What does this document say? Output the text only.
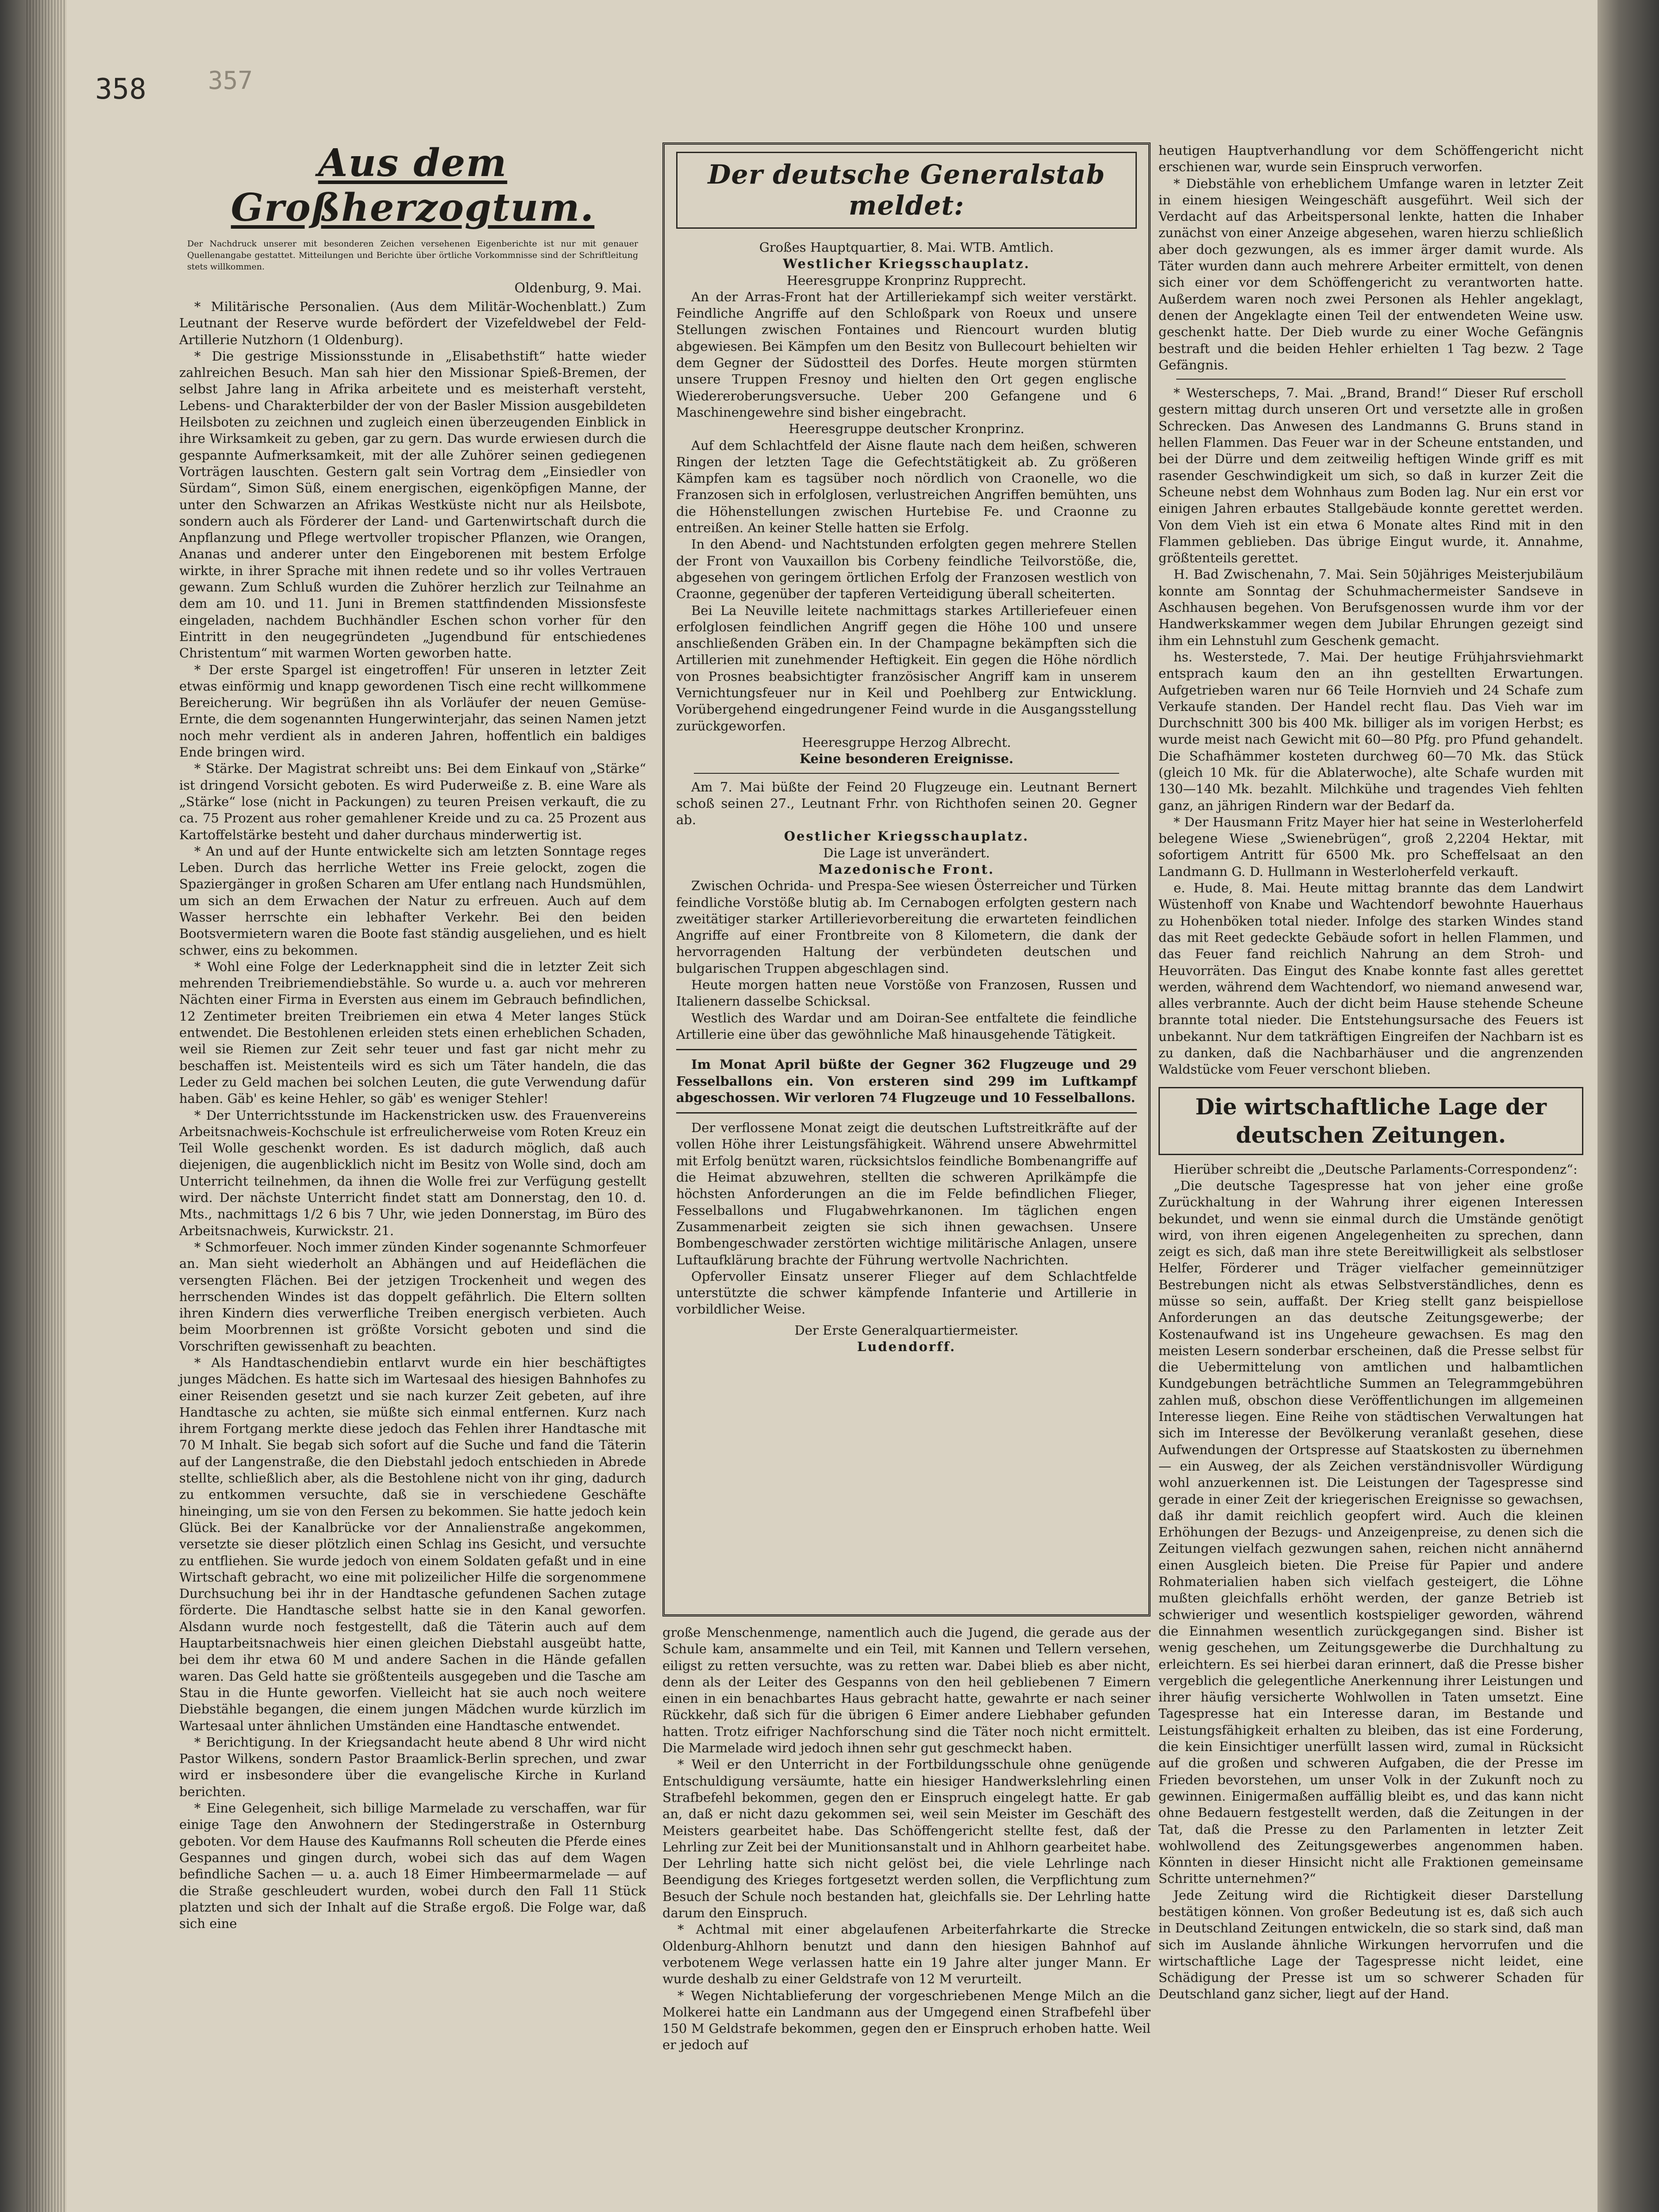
358 357
Aus dem Großherzogtum.
Der Nachdruck unserer mit besonderen Zeichen versehenen Eigenberichte ist nur mit genauer Quellenangabe gestattet. Mitteilungen und Berichte über örtliche Vorkommnisse sind der Schriftleitung stets willkommen.
Oldenburg, 9. Mai.

* Militärische Personalien. (Aus dem Militär-Wochenblatt.) Zum Leutnant der Reserve wurde befördert der Vizefeldwebel der Feld-Artillerie Nutzhorn (1 Oldenburg).

* Die gestrige Missionsstunde in „Elisabethstift“ hatte wieder zahlreichen Besuch. Man sah hier den Missionar Spieß-Bremen, der selbst Jahre lang in Afrika arbeitete und es meisterhaft versteht, Lebens- und Charakterbilder der von der Basler Mission ausgebildeten Heilsboten zu zeichnen und zugleich einen überzeugenden Einblick in ihre Wirksamkeit zu geben, gar zu gern. Das wurde erwiesen durch die gespannte Aufmerksamkeit, mit der alle Zuhörer seinen gediegenen Vorträgen lauschten. Gestern galt sein Vortrag dem „Einsiedler von Sürdam“, Simon Süß, einem energischen, eigenköpfigen Manne, der unter den Schwarzen an Afrikas Westküste nicht nur als Heilsbote, sondern auch als Förderer der Land- und Gartenwirtschaft durch die Anpflanzung und Pflege wertvoller tropischer Pflanzen, wie Orangen, Ananas und anderer unter den Eingeborenen mit bestem Erfolge wirkte, in ihrer Sprache mit ihnen redete und so ihr volles Vertrauen gewann. Zum Schluß wurden die Zuhörer herzlich zur Teilnahme an dem am 10. und 11. Juni in Bremen stattfindenden Missionsfeste eingeladen, nachdem Buchhändler Eschen schon vorher für den Eintritt in den neugegründeten „Jugendbund für entschiedenes Christentum“ mit warmen Worten geworben hatte.

* Der erste Spargel ist eingetroffen! Für unseren in letzter Zeit etwas einförmig und knapp gewordenen Tisch eine recht willkommene Bereicherung. Wir begrüßen ihn als Vorläufer der neuen Gemüse-Ernte, die dem sogenannten Hungerwinterjahr, das seinen Namen jetzt noch mehr verdient als in anderen Jahren, hoffentlich ein baldiges Ende bringen wird.

* Stärke. Der Magistrat schreibt uns: Bei dem Einkauf von „Stärke“ ist dringend Vorsicht geboten. Es wird Puderweiße z. B. eine Ware als „Stärke“ lose (nicht in Packungen) zu teuren Preisen verkauft, die zu ca. 75 Prozent aus roher gemahlener Kreide und zu ca. 25 Prozent aus Kartoffelstärke besteht und daher durchaus minderwertig ist.

* An und auf der Hunte entwickelte sich am letzten Sonntage reges Leben. Durch das herrliche Wetter ins Freie gelockt, zogen die Spaziergänger in großen Scharen am Ufer entlang nach Hundsmühlen, um sich an dem Erwachen der Natur zu erfreuen. Auch auf dem Wasser herrschte ein lebhafter Verkehr. Bei den beiden Bootsvermietern waren die Boote fast ständig ausgeliehen, und es hielt schwer, eins zu bekommen.

* Wohl eine Folge der Lederknappheit sind die in letzter Zeit sich mehrenden Treibriemendiebstähle. So wurde u. a. auch vor mehreren Nächten einer Firma in Eversten aus einem im Gebrauch befindlichen, 12 Zentimeter breiten Treibriemen ein etwa 4 Meter langes Stück entwendet. Die Bestohlenen erleiden stets einen erheblichen Schaden, weil sie Riemen zur Zeit sehr teuer und fast gar nicht mehr zu beschaffen ist. Meistenteils wird es sich um Täter handeln, die das Leder zu Geld machen bei solchen Leuten, die gute Verwendung dafür haben. Gäb' es keine Hehler, so gäb' es weniger Stehler!

* Der Unterrichtsstunde im Hackenstricken usw. des Frauenvereins Arbeitsnachweis-Kochschule ist erfreulicherweise vom Roten Kreuz ein Teil Wolle geschenkt worden. Es ist dadurch möglich, daß auch diejenigen, die augenblicklich nicht im Besitz von Wolle sind, doch am Unterricht teilnehmen, da ihnen die Wolle frei zur Verfügung gestellt wird. Der nächste Unterricht findet statt am Donnerstag, den 10. d. Mts., nachmittags 1/2 6 bis 7 Uhr, wie jeden Donnerstag, im Büro des Arbeitsnachweis, Kurwickstr. 21.

* Schmorfeuer. Noch immer zünden Kinder sogenannte Schmorfeuer an. Man sieht wiederholt an Abhängen und auf Heideflächen die versengten Flächen. Bei der jetzigen Trockenheit und wegen des herrschenden Windes ist das doppelt gefährlich. Die Eltern sollten ihren Kindern dies verwerfliche Treiben energisch verbieten. Auch beim Moorbrennen ist größte Vorsicht geboten und sind die Vorschriften gewissenhaft zu beachten.

* Als Handtaschendiebin entlarvt wurde ein hier beschäftigtes junges Mädchen. Es hatte sich im Wartesaal des hiesigen Bahnhofes zu einer Reisenden gesetzt und sie nach kurzer Zeit gebeten, auf ihre Handtasche zu achten, sie müßte sich einmal entfernen. Kurz nach ihrem Fortgang merkte diese jedoch das Fehlen ihrer Handtasche mit 70 M Inhalt. Sie begab sich sofort auf die Suche und fand die Täterin auf der Langenstraße, die den Diebstahl jedoch entschieden in Abrede stellte, schließlich aber, als die Bestohlene nicht von ihr ging, dadurch zu entkommen versuchte, daß sie in verschiedene Geschäfte hineinging, um sie von den Fersen zu bekommen. Sie hatte jedoch kein Glück. Bei der Kanalbrücke vor der Annalienstraße angekommen, versetzte sie dieser plötzlich einen Schlag ins Gesicht, und versuchte zu entfliehen. Sie wurde jedoch von einem Soldaten gefaßt und in eine Wirtschaft gebracht, wo eine mit polizeilicher Hilfe die sorgenommene Durchsuchung bei ihr in der Handtasche gefundenen Sachen zutage förderte. Die Handtasche selbst hatte sie in den Kanal geworfen. Alsdann wurde noch festgestellt, daß die Täterin auch auf dem Hauptarbeitsnachweis hier einen gleichen Diebstahl ausgeübt hatte, bei dem ihr etwa 60 M und andere Sachen in die Hände gefallen waren. Das Geld hatte sie größtenteils ausgegeben und die Tasche am Stau in die Hunte geworfen. Vielleicht hat sie auch noch weitere Diebstähle begangen, die einem jungen Mädchen wurde kürzlich im Wartesaal unter ähnlichen Umständen eine Handtasche entwendet.

* Berichtigung. In der Kriegsandacht heute abend 8 Uhr wird nicht Pastor Wilkens, sondern Pastor Braamlick-Berlin sprechen, und zwar wird er insbesondere über die evangelische Kirche in Kurland berichten.

* Eine Gelegenheit, sich billige Marmelade zu verschaffen, war für einige Tage den Anwohnern der Stedingerstraße in Osternburg geboten. Vor dem Hause des Kaufmanns Roll scheuten die Pferde eines Gespannes und gingen durch, wobei sich das auf dem Wagen befindliche Sachen — u. a. auch 18 Eimer Himbeermarmelade — auf die Straße geschleudert wurden, wobei durch den Fall 11 Stück platzten und sich der Inhalt auf die Straße ergoß. Die Folge war, daß sich eine

Der deutsche Generalstab meldet:
Großes Hauptquartier, 8. Mai. WTB. Amtlich.
Westlicher Kriegsschauplatz.
Heeresgruppe Kronprinz Rupprecht.

An der Arras-Front hat der Artilleriekampf sich weiter verstärkt. Feindliche Angriffe auf den Schloßpark von Roeux und unsere Stellungen zwischen Fontaines und Riencourt wurden blutig abgewiesen. Bei Kämpfen um den Besitz von Bullecourt behielten wir dem Gegner der Südostteil des Dorfes. Heute morgen stürmten unsere Truppen Fresnoy und hielten den Ort gegen englische Wiedereroberungsversuche. Ueber 200 Gefangene und 6 Maschinengewehre sind bisher eingebracht.

Heeresgruppe deutscher Kronprinz.

Auf dem Schlachtfeld der Aisne flaute nach dem heißen, schweren Ringen der letzten Tage die Gefechtstätigkeit ab. Zu größeren Kämpfen kam es tagsüber noch nördlich von Craonelle, wo die Franzosen sich in erfolglosen, verlustreichen Angriffen bemühten, uns die Höhenstellungen zwischen Hurtebise Fe. und Craonne zu entreißen. An keiner Stelle hatten sie Erfolg.

In den Abend- und Nachtstunden erfolgten gegen mehrere Stellen der Front von Vauxaillon bis Corbeny feindliche Teilvorstöße, die, abgesehen von geringem örtlichen Erfolg der Franzosen westlich von Craonne, gegenüber der tapferen Verteidigung überall scheiterten.

Bei La Neuville leitete nachmittags starkes Artilleriefeuer einen erfolglosen feindlichen Angriff gegen die Höhe 100 und unsere anschließenden Gräben ein. In der Champagne bekämpften sich die Artillerien mit zunehmender Heftigkeit. Ein gegen die Höhe nördlich von Prosnes beabsichtigter französischer Angriff kam in unserem Vernichtungsfeuer nur in Keil und Poehlberg zur Entwicklung. Vorübergehend eingedrungener Feind wurde in die Ausgangsstellung zurückgeworfen.

Heeresgruppe Herzog Albrecht.
Keine besonderen Ereignisse.

Am 7. Mai büßte der Feind 20 Flugzeuge ein. Leutnant Bernert schoß seinen 27., Leutnant Frhr. von Richthofen seinen 20. Gegner ab.

Oestlicher Kriegsschauplatz.
Die Lage ist unverändert.
Mazedonische Front.

Zwischen Ochrida- und Prespa-See wiesen Österreicher und Türken feindliche Vorstöße blutig ab. Im Cernabogen erfolgten gestern nach zweitätiger starker Artillerievorbereitung die erwarteten feindlichen Angriffe auf einer Frontbreite von 8 Kilometern, die dank der hervorragenden Haltung der verbündeten deutschen und bulgarischen Truppen abgeschlagen sind.

Heute morgen hatten neue Vorstöße von Franzosen, Russen und Italienern dasselbe Schicksal.

Westlich des Wardar und am Doiran-See entfaltete die feindliche Artillerie eine über das gewöhnliche Maß hinausgehende Tätigkeit.

Im Monat April büßte der Gegner 362 Flugzeuge und 29 Fesselballons ein. Von ersteren sind 299 im Luftkampf abgeschossen. Wir verloren 74 Flugzeuge und 10 Fesselballons.

Der verflossene Monat zeigt die deutschen Luftstreitkräfte auf der vollen Höhe ihrer Leistungsfähigkeit. Während unsere Abwehrmittel mit Erfolg benützt waren, rücksichtslos feindliche Bombenangriffe auf die Heimat abzuwehren, stellten die schweren Aprilkämpfe die höchsten Anforderungen an die im Felde befindlichen Flieger, Fesselballons und Flugabwehrkanonen. Im täglichen engen Zusammenarbeit zeigten sie sich ihnen gewachsen. Unsere Bombengeschwader zerstörten wichtige militärische Anlagen, unsere Luftaufklärung brachte der Führung wertvolle Nachrichten.

Opfervoller Einsatz unserer Flieger auf dem Schlachtfelde unterstützte die schwer kämpfende Infanterie und Artillerie in vorbildlicher Weise.

Der Erste Generalquartiermeister.
Ludendorff.

große Menschenmenge, namentlich auch die Jugend, die gerade aus der Schule kam, ansammelte und ein Teil, mit Kannen und Tellern versehen, eiligst zu retten versuchte, was zu retten war. Dabei blieb es aber nicht, denn als der Leiter des Gespanns von den heil gebliebenen 7 Eimern einen in ein benachbartes Haus gebracht hatte, gewahrte er nach seiner Rückkehr, daß sich für die übrigen 6 Eimer andere Liebhaber gefunden hatten. Trotz eifriger Nachforschung sind die Täter noch nicht ermittelt. Die Marmelade wird jedoch ihnen sehr gut geschmeckt haben.

* Weil er den Unterricht in der Fortbildungsschule ohne genügende Entschuldigung versäumte, hatte ein hiesiger Handwerkslehrling einen Strafbefehl bekommen, gegen den er Einspruch eingelegt hatte. Er gab an, daß er nicht dazu gekommen sei, weil sein Meister im Geschäft des Meisters gearbeitet habe. Das Schöffengericht stellte fest, daß der Lehrling zur Zeit bei der Munitionsanstalt und in Ahlhorn gearbeitet habe. Der Lehrling hatte sich nicht gelöst bei, die viele Lehrlinge nach Beendigung des Krieges fortgesetzt werden sollen, die Verpflichtung zum Besuch der Schule noch bestanden hat, gleichfalls sie. Der Lehrling hatte darum den Einspruch.

* Achtmal mit einer abgelaufenen Arbeiterfahrkarte die Strecke Oldenburg-Ahlhorn benutzt und dann den hiesigen Bahnhof auf verbotenem Wege verlassen hatte ein 19 Jahre alter junger Mann. Er wurde deshalb zu einer Geldstrafe von 12 M verurteilt.

* Wegen Nichtablieferung der vorgeschriebenen Menge Milch an die Molkerei hatte ein Landmann aus der Umgegend einen Strafbefehl über 150 M Geldstrafe bekommen, gegen den er Einspruch erhoben hatte. Weil er jedoch auf

heutigen Hauptverhandlung vor dem Schöffengericht nicht erschienen war, wurde sein Einspruch verworfen.

* Diebstähle von erheblichem Umfange waren in letzter Zeit in einem hiesigen Weingeschäft ausgeführt. Weil sich der Verdacht auf das Arbeitspersonal lenkte, hatten die Inhaber zunächst von einer Anzeige abgesehen, waren hierzu schließlich aber doch gezwungen, als es immer ärger damit wurde. Als Täter wurden dann auch mehrere Arbeiter ermittelt, von denen sich einer vor dem Schöffengericht zu verantworten hatte. Außerdem waren noch zwei Personen als Hehler angeklagt, denen der Angeklagte einen Teil der entwendeten Weine usw. geschenkt hatte. Der Dieb wurde zu einer Woche Gefängnis bestraft und die beiden Hehler erhielten 1 Tag bezw. 2 Tage Gefängnis.

* Westerscheps, 7. Mai. „Brand, Brand!“ Dieser Ruf erscholl gestern mittag durch unseren Ort und versetzte alle in großen Schrecken. Das Anwesen des Landmanns G. Bruns stand in hellen Flammen. Das Feuer war in der Scheune entstanden, und bei der Dürre und dem zeitweilig heftigen Winde griff es mit rasender Geschwindigkeit um sich, so daß in kurzer Zeit die Scheune nebst dem Wohnhaus zum Boden lag. Nur ein erst vor einigen Jahren erbautes Stallgebäude konnte gerettet werden. Von dem Vieh ist ein etwa 6 Monate altes Rind mit in den Flammen geblieben. Das übrige Eingut wurde, it. Annahme, größtenteils gerettet.

H. Bad Zwischenahn, 7. Mai. Sein 50jähriges Meisterjubiläum konnte am Sonntag der Schuhmachermeister Sandseve in Aschhausen begehen. Von Berufsgenossen wurde ihm vor der Handwerkskammer wegen dem Jubilar Ehrungen gezeigt sind ihm ein Lehnstuhl zum Geschenk gemacht.

hs. Westerstede, 7. Mai. Der heutige Frühjahrsviehmarkt entsprach kaum den an ihn gestellten Erwartungen. Aufgetrieben waren nur 66 Teile Hornvieh und 24 Schafe zum Verkaufe standen. Der Handel recht flau. Das Vieh war im Durchschnitt 300 bis 400 Mk. billiger als im vorigen Herbst; es wurde meist nach Gewicht mit 60—80 Pfg. pro Pfund gehandelt. Die Schafhämmer kosteten durchweg 60—70 Mk. das Stück (gleich 10 Mk. für die Ablaterwoche), alte Schafe wurden mit 130—140 Mk. bezahlt. Milchkühe und tragendes Vieh fehlten ganz, an jährigen Rindern war der Bedarf da.

* Der Hausmann Fritz Mayer hier hat seine in Westerloherfeld belegene Wiese „Swienebrügen“, groß 2,2204 Hektar, mit sofortigem Antritt für 6500 Mk. pro Scheffelsaat an den Landmann G. D. Hullmann in Westerloherfeld verkauft.

e. Hude, 8. Mai. Heute mittag brannte das dem Landwirt Wüstenhoff von Knabe und Wachtendorf bewohnte Hauerhaus zu Hohenböken total nieder. Infolge des starken Windes stand das mit Reet gedeckte Gebäude sofort in hellen Flammen, und das Feuer fand reichlich Nahrung an dem Stroh- und Heuvorräten. Das Eingut des Knabe konnte fast alles gerettet werden, während dem Wachtendorf, wo niemand anwesend war, alles verbrannte. Auch der dicht beim Hause stehende Scheune brannte total nieder. Die Entstehungsursache des Feuers ist unbekannt. Nur dem tatkräftigen Eingreifen der Nachbarn ist es zu danken, daß die Nachbarhäuser und die angrenzenden Waldstücke vom Feuer verschont blieben.

Die wirtschaftliche Lage der deutschen Zeitungen.

Hierüber schreibt die „Deutsche Parlaments-Correspondenz“:

„Die deutsche Tagespresse hat von jeher eine große Zurückhaltung in der Wahrung ihrer eigenen Interessen bekundet, und wenn sie einmal durch die Umstände genötigt wird, von ihren eigenen Angelegenheiten zu sprechen, dann zeigt es sich, daß man ihre stete Bereitwilligkeit als selbstloser Helfer, Förderer und Träger vielfacher gemeinnütziger Bestrebungen nicht als etwas Selbstverständliches, denn es müsse so sein, auffaßt. Der Krieg stellt ganz beispiellose Anforderungen an das deutsche Zeitungsgewerbe; der Kostenaufwand ist ins Ungeheure gewachsen. Es mag den meisten Lesern sonderbar erscheinen, daß die Presse selbst für die Uebermittelung von amtlichen und halbamtlichen Kundgebungen beträchtliche Summen an Telegrammgebühren zahlen muß, obschon diese Veröffentlichungen im allgemeinen Interesse liegen. Eine Reihe von städtischen Verwaltungen hat sich im Interesse der Bevölkerung veranlaßt gesehen, diese Aufwendungen der Ortspresse auf Staatskosten zu übernehmen — ein Ausweg, der als Zeichen verständnisvoller Würdigung wohl anzuerkennen ist. Die Leistungen der Tagespresse sind gerade in einer Zeit der kriegerischen Ereignisse so gewachsen, daß ihr damit reichlich geopfert wird. Auch die kleinen Erhöhungen der Bezugs- und Anzeigenpreise, zu denen sich die Zeitungen vielfach gezwungen sahen, reichen nicht annähernd einen Ausgleich bieten. Die Preise für Papier und andere Rohmaterialien haben sich vielfach gesteigert, die Löhne mußten gleichfalls erhöht werden, der ganze Betrieb ist schwieriger und wesentlich kostspieliger geworden, während die Einnahmen wesentlich zurückgegangen sind. Bisher ist wenig geschehen, um Zeitungsgewerbe die Durchhaltung zu erleichtern. Es sei hierbei daran erinnert, daß die Presse bisher vergeblich die gelegentliche Anerkennung ihrer Leistungen und ihrer häufig versicherte Wohlwollen in Taten umsetzt. Eine Tagespresse hat ein Interesse daran, im Bestande und Leistungsfähigkeit erhalten zu bleiben, das ist eine Forderung, die kein Einsichtiger unerfüllt lassen wird, zumal in Rücksicht auf die großen und schweren Aufgaben, die der Presse im Frieden bevorstehen, um unser Volk in der Zukunft noch zu gewinnen. Einigermaßen auffällig bleibt es, und das kann nicht ohne Bedauern festgestellt werden, daß die Zeitungen in der Tat, daß die Presse zu den Parlamenten in letzter Zeit wohlwollend des Zeitungsgewerbes angenommen haben. Könnten in dieser Hinsicht nicht alle Fraktionen gemeinsame Schritte unternehmen?“

Jede Zeitung wird die Richtigkeit dieser Darstellung bestätigen können. Von großer Bedeutung ist es, daß sich auch in Deutschland Zeitungen entwickeln, die so stark sind, daß man sich im Auslande ähnliche Wirkungen hervorrufen und die wirtschaftliche Lage der Tagespresse nicht leidet, eine Schädigung der Presse ist um so schwerer Schaden für Deutschland ganz sicher, liegt auf der Hand.
